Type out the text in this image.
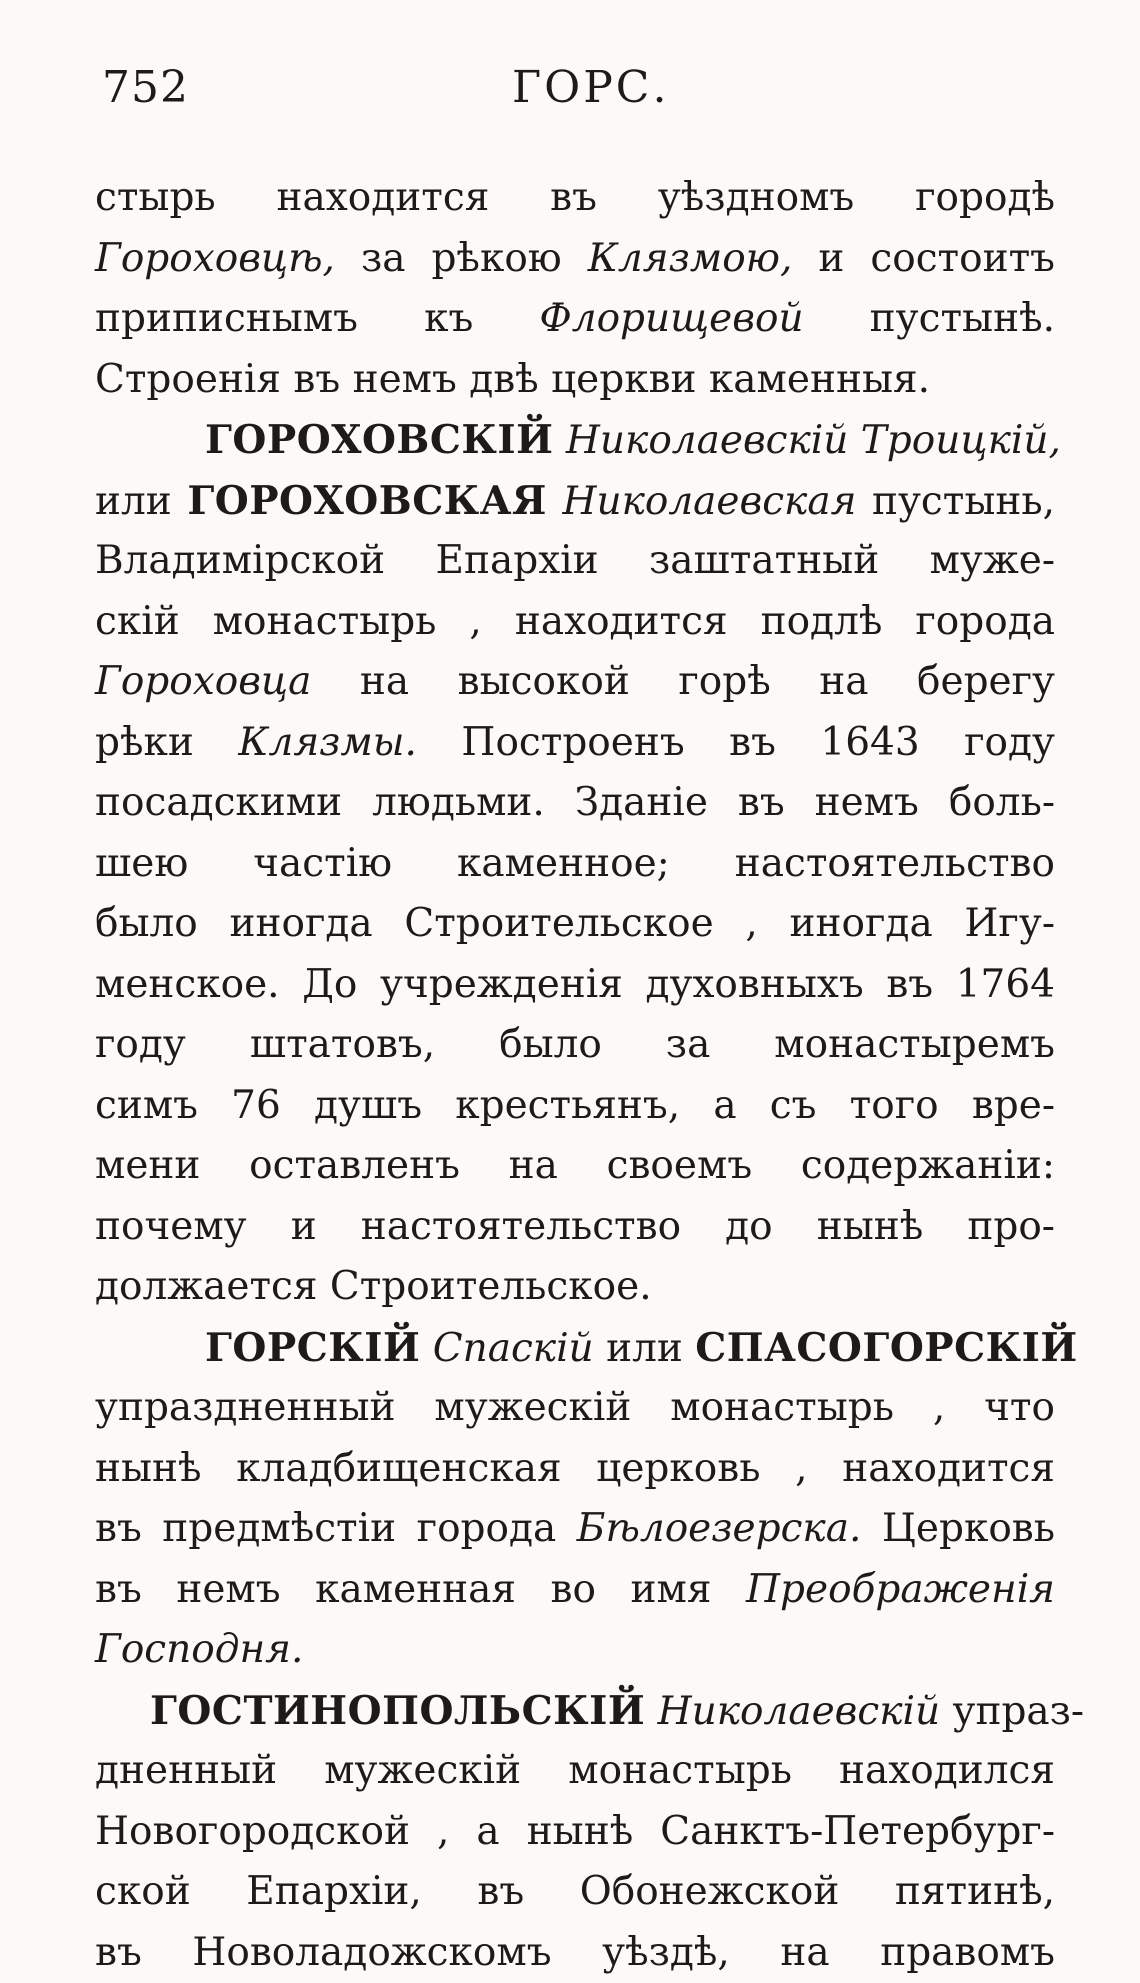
752	ГОРС.
стырь находится въ уѣздномъ городѣ
Гороховцѣ, за рѣкою Клязмою, и состоитъ
приписнымъ къ Флорищевой пустынѣ.
Строенія въ немъ двѣ церкви каменныя.
ГОРОХОВСКІЙ Николаевскій Троицкій,
или ГОРОХОВСКАЯ Николаевская пустынь,
Владимірской Епархіи заштатный муже-
скій монастырь , находится подлѣ города
Гороховца на высокой горѣ на берегу
рѣки Клязмы. Построенъ въ 1643 году
посадскими людьми. Зданіе въ немъ боль-
шею частію каменное; настоятельство
было иногда Строительское , иногда Игу-
менское. До учрежденія духовныхъ въ 1764
году штатовъ, было за монастыремъ
симъ 76 душъ крестьянъ, а съ того вре-
мени оставленъ на своемъ содержаніи:
почему и настоятельство до нынѣ про-
должается Строительское.
ГОРСКІЙ Спаскій или СПАСОГОРСКІЙ
упраздненный мужескій монастырь , что
нынѣ кладбищенская церковь , находится
въ предмѣстіи города Бѣлоезерска. Церковь
въ немъ каменная во имя Преображенія
Господня.
ГОСТИНОПОЛЬСКІЙ Николаевскій упраз-
дненный мужескій монастырь находился
Новогородской , а нынѣ Санктъ-Петербург-
ской Епархіи, въ Обонежской пятинѣ,
въ Новоладожскомъ уѣздѣ, на правомъ
